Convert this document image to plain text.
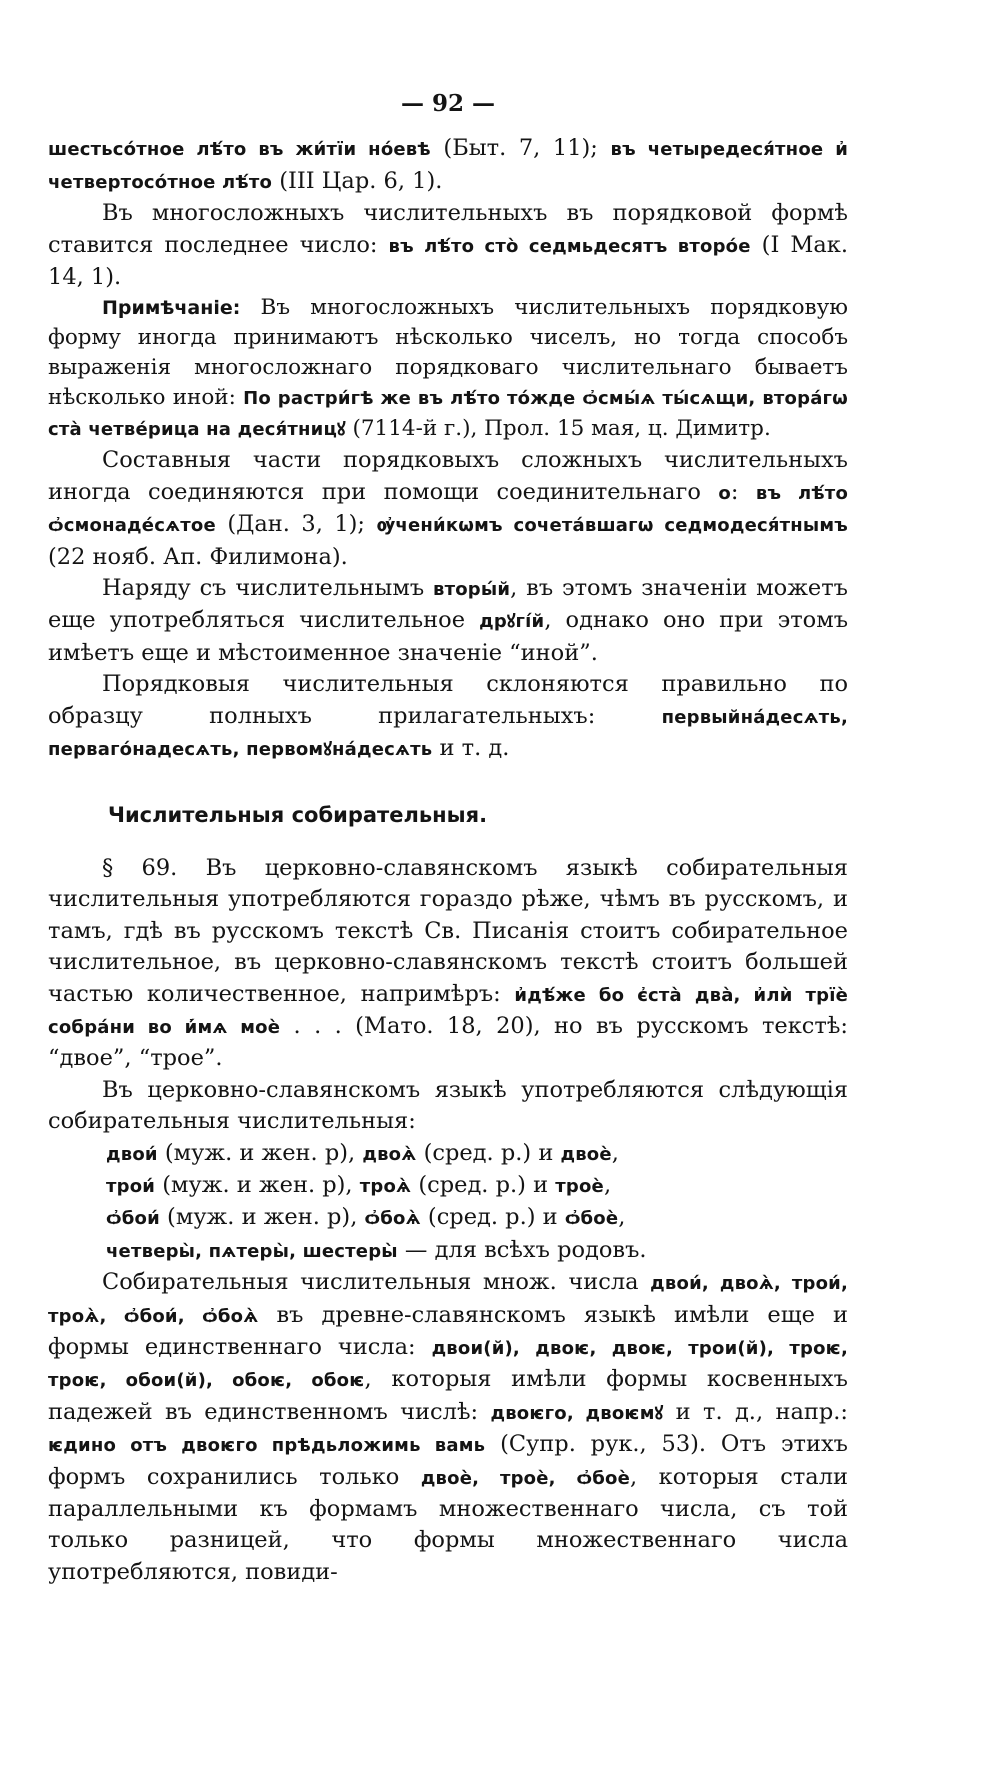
— 92 —

шестьсо́тное лѣ́то въ жи́тїи но́евѣ (Быт. 7, 11); въ четыредеся́тное и҆ четвертосо́тное лѣ́то (III Цар. 6, 1).

Въ многосложныхъ числительныхъ въ порядковой формѣ ставится последнее число: въ лѣ́то сто̀ седмьдесятъ второ́е (I Мак. 14, 1).

Примѣчаніе: Въ многосложныхъ числительныхъ порядковую форму иногда принимаютъ нѣсколько чиселъ, но тогда способъ выраженія многосложнаго порядковаго числительнаго бываетъ нѣсколько иной: По растри́гѣ же въ лѣ́то то́жде ѻ҆смы́ѧ ты́сѧщи, втора́гѡ ста̀ четве́рица на деся́тницꙋ (7114-й г.), Прол. 15 мая, ц. Димитр.

Составныя части порядковыхъ сложныхъ числительныхъ иногда соединяются при помощи соединительнаго о: въ лѣ́то ѻ҆смонаде́сѧтое (Дан. 3, 1); ѹ҆чени́кѡмъ сочета́вшагѡ седмодеся́тнымъ (22 нояб. Ап. Филимона).

Наряду съ числительнымъ вторы́й, въ этомъ значеніи можетъ еще употребляться числительное дрꙋгі́й, однако оно при этомъ имѣетъ еще и мѣстоименное значеніе “иной”.

Порядковыя числительныя склоняются правильно по образцу полныхъ прилагательныхъ: первыйна́десѧть, перваго́надесѧть, первомꙋна́десѧть и т. д.

Числительныя собирательныя.

§ 69. Въ церковно-славянскомъ языкѣ собирательныя числительныя употребляются гораздо рѣже, чѣмъ въ русскомъ, и тамъ, гдѣ въ русскомъ текстѣ Св. Писанія стоитъ собирательное числительное, въ церковно-славянскомъ текстѣ стоитъ большей частью количественное, напримѣръ: и҆дѣ́же бо є҆ста̀ два̀, и҆лѝ трїѐ собра́ни во и҆́мѧ моѐ . . . (Мато. 18, 20), но въ русскомъ текстѣ: “двое”, “трое”.

Въ церковно-славянскомъ языкѣ употребляются слѣдующія собирательныя числительныя:

двои́ (муж. и жен. р), двоѧ̀ (сред. р.) и двоѐ,
трои́ (муж. и жен. р), троѧ̀ (сред. р.) и троѐ,
ѻ҆бои́ (муж. и жен. р), ѻ҆боѧ̀ (сред. р.) и ѻ҆боѐ,
четверы̀, пѧтеры̀, шестеры̀ — для всѣхъ родовъ.

Собирательныя числительныя множ. числа двои́, двоѧ̀, трои́, троѧ̀, ѻ҆бои́, ѻ҆боѧ̀ въ древне-славянскомъ языкѣ имѣли еще и формы единственнаго числа: двои(й), двоѥ, двоѥ, трои(й), троѥ, троѥ, обои(й), обоѥ, обоѥ, которыя имѣли формы косвенныхъ падежей въ единственномъ числѣ: двоѥго, двоѥмꙋ и т. д., напр.: ѥдино отъ двоѥго прѣдьложимь вамь (Супр. рук., 53). Отъ этихъ формъ сохранились только двоѐ, троѐ, ѻ҆боѐ, которыя стали параллельными къ формамъ множественнаго числа, съ той только разницей, что формы множественнаго числа употребляются, повиди-
